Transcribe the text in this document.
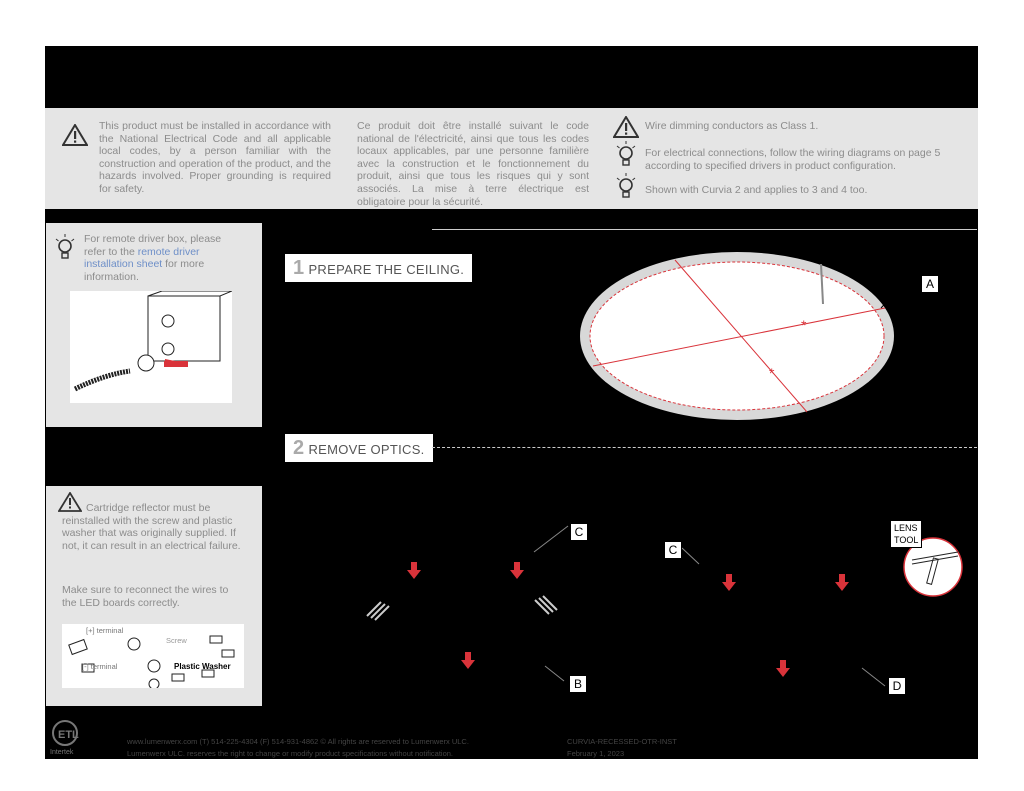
This product must be installed in accordance with the National Electrical Code and all applicable local codes, by a person familiar with the construction and operation of the product, and the hazards involved. Proper grounding is required for safety.
Ce produit doit être installé suivant le code national de l'électricité, ainsi que tous les codes locaux applicables, par une personne familière avec la construction et le fonctionnement du produit, ainsi que tous les risques qui y sont associés. La mise à terre électrique est obligatoire pour la sécurité.
Wire dimming conductors as Class 1.
For electrical connections, follow the wiring diagrams on page 5 according to specified drivers in product configuration.
Shown with Curvia 2 and applies to 3 and 4 too.
For remote driver box, please refer to the remote driver installation sheet for more information.	1 PREPARE THE CEILING.
*
*
A
2 REMOVE OPTICS.
Cartridge reflector must be reinstalled with the screw and plastic washer that was originally supplied. If not, it can result in an electrical failure.
Make sure to reconnect the wires to the LED boards correctly.
[+] terminal
[-] terminal
Screw
Plastic Washer
C
C
B	D
LENS
TOOL
ETL
Intertek
www.lumenwerx.com (T) 514-225-4304 (F) 514-931-4862 © All rights are reserved to Lumenwerx ULC.
Lumenwerx ULC. reserves the right to change or modify product specifications without notification.
CURVIA-RECESSED-OTR-INST
February 1, 2023
